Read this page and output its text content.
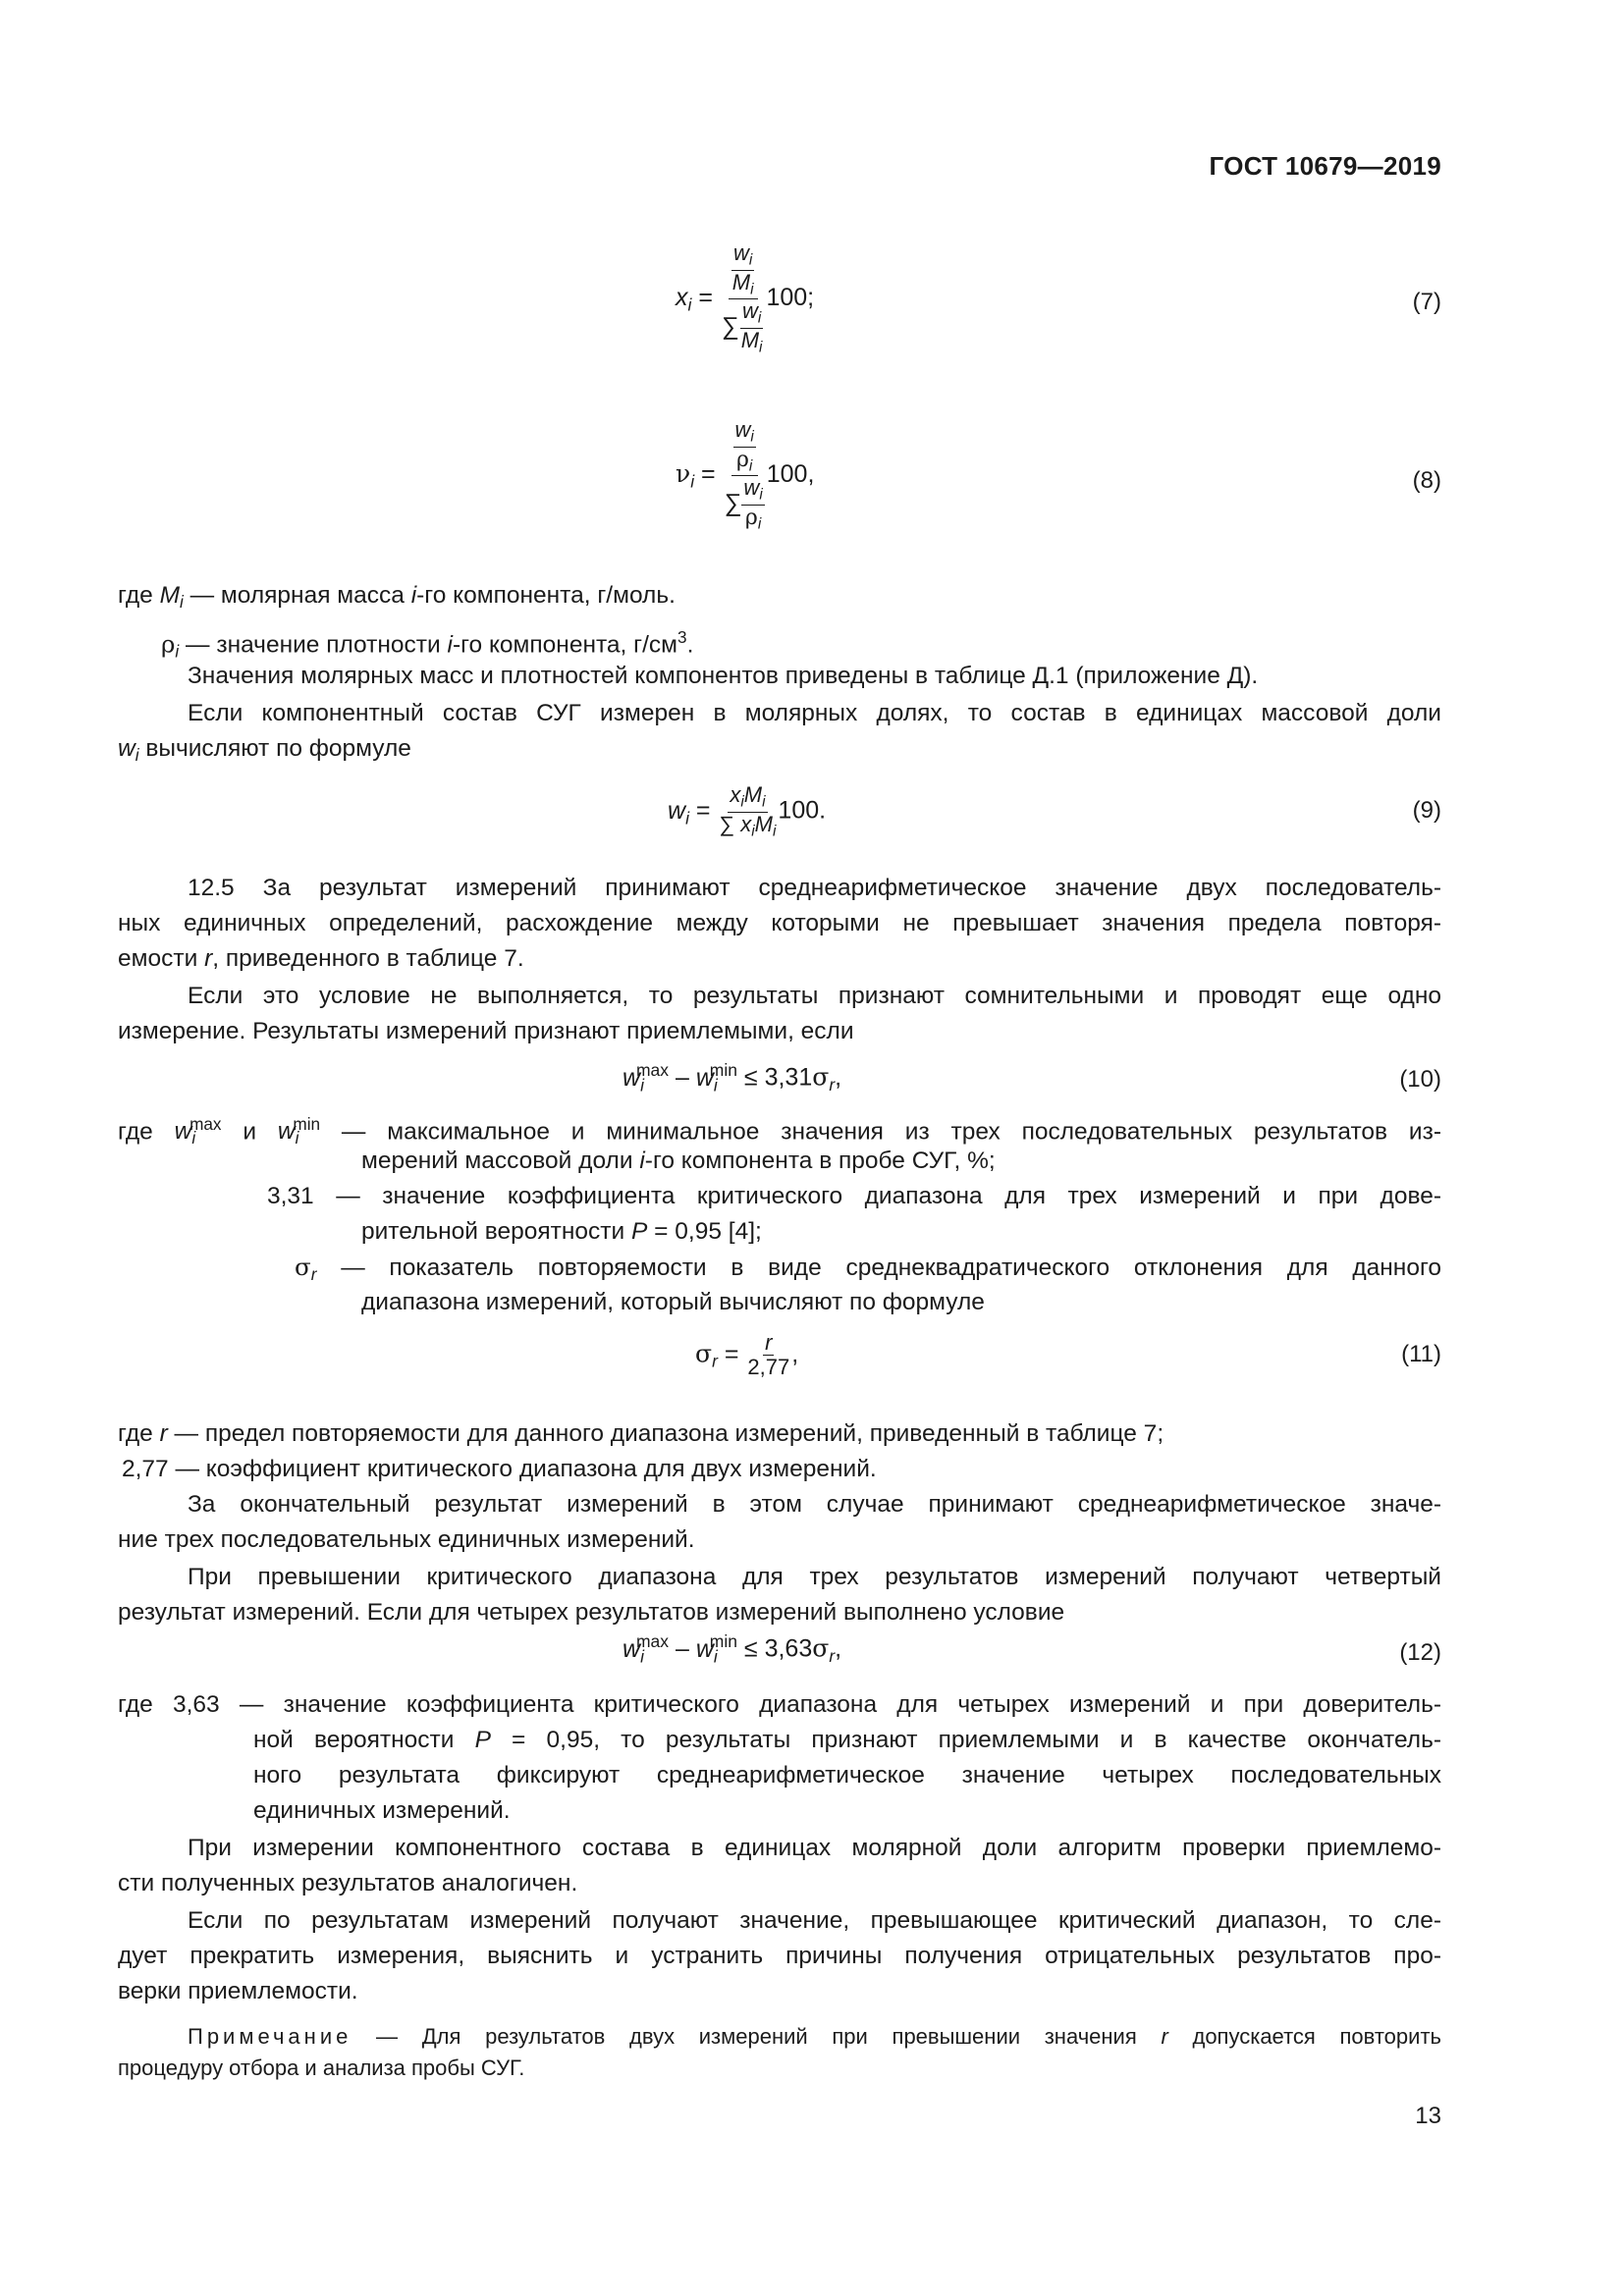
ГОСТ 10679—2019
$x_i = \frac{\frac{w_i}{M_i}}{\sum \frac{w_i}{M_i}} 100$;	(7)
$\nu_i = \frac{\frac{w_i}{\rho_i}}{\sum \frac{w_i}{\rho_i}} 100$,	(8)
где $M_i$ — молярная масса i-го компонента, г/моль.
$\rho_i$ — значение плотности i-го компонента, $г/см^3$.
Значения молярных масс и плотностей компонентов приведены в таблице Д.1 (приложение Д).
Если компонентный состав СУГ измерен в молярных долях, то состав в единицах массовой доли
$w_i$ вычисляют по формуле
$w_i = \frac{x_iM_i}{\sum x_iM_i} 100$.	(9)
12.5 За результат измерений принимают среднеарифметическое значение двух последователь-
ных единичных определений, расхождение между которыми не превышает значения предела повторя-
емости r, приведенного в таблице 7.
Если это условие не выполняется, то результаты признают сомнительными и проводят еще одно
измерение. Результаты измерений признают приемлемыми, если
$w_i^{max} - w_i^{min} \le 3,31\sigma_r$,	(10)
где $w_i^{max}$ и $w_i^{min}$ — максимальное и минимальное значения из трех последовательных результатов из-
мерений массовой доли i-го компонента в пробе СУГ, %;
3,31 — значение коэффициента критического диапазона для трех измерений и при дове-
рительной вероятности P = 0,95 [4];
$\sigma_r$ — показатель повторяемости в виде среднеквадратического отклонения для данного
диапазона измерений, который вычисляют по формуле
$\sigma_r = \frac{r}{2,77}$ ,	(11)
где r — предел повторяемости для данного диапазона измерений, приведенный в таблице 7;
2,77 — коэффициент критического диапазона для двух измерений.
За окончательный результат измерений в этом случае принимают среднеарифметическое значе-
ние трех последовательных единичных измерений.
При превышении критического диапазона для трех результатов измерений получают четвертый
результат измерений. Если для четырех результатов измерений выполнено условие
$w_i^{max} - w_i^{min} \le 3,63\sigma_r$,	(12)
где 3,63 — значение коэффициента критического диапазона для четырех измерений и при доверитель-
ной вероятности P = 0,95, то результаты признают приемлемыми и в качестве окончатель-
ного результата фиксируют среднеарифметическое значение четырех последовательных
единичных измерений.
При измерении компонентного состава в единицах молярной доли алгоритм проверки приемлемо-
сти полученных результатов аналогичен.
Если по результатам измерений получают значение, превышающее критический диапазон, то сле-
дует прекратить измерения, выяснить и устранить причины получения отрицательных результатов про-
верки приемлемости.
Примечание — Для результатов двух измерений при превышении значения r допускается повторить
процедуру отбора и анализа пробы СУГ.
13
